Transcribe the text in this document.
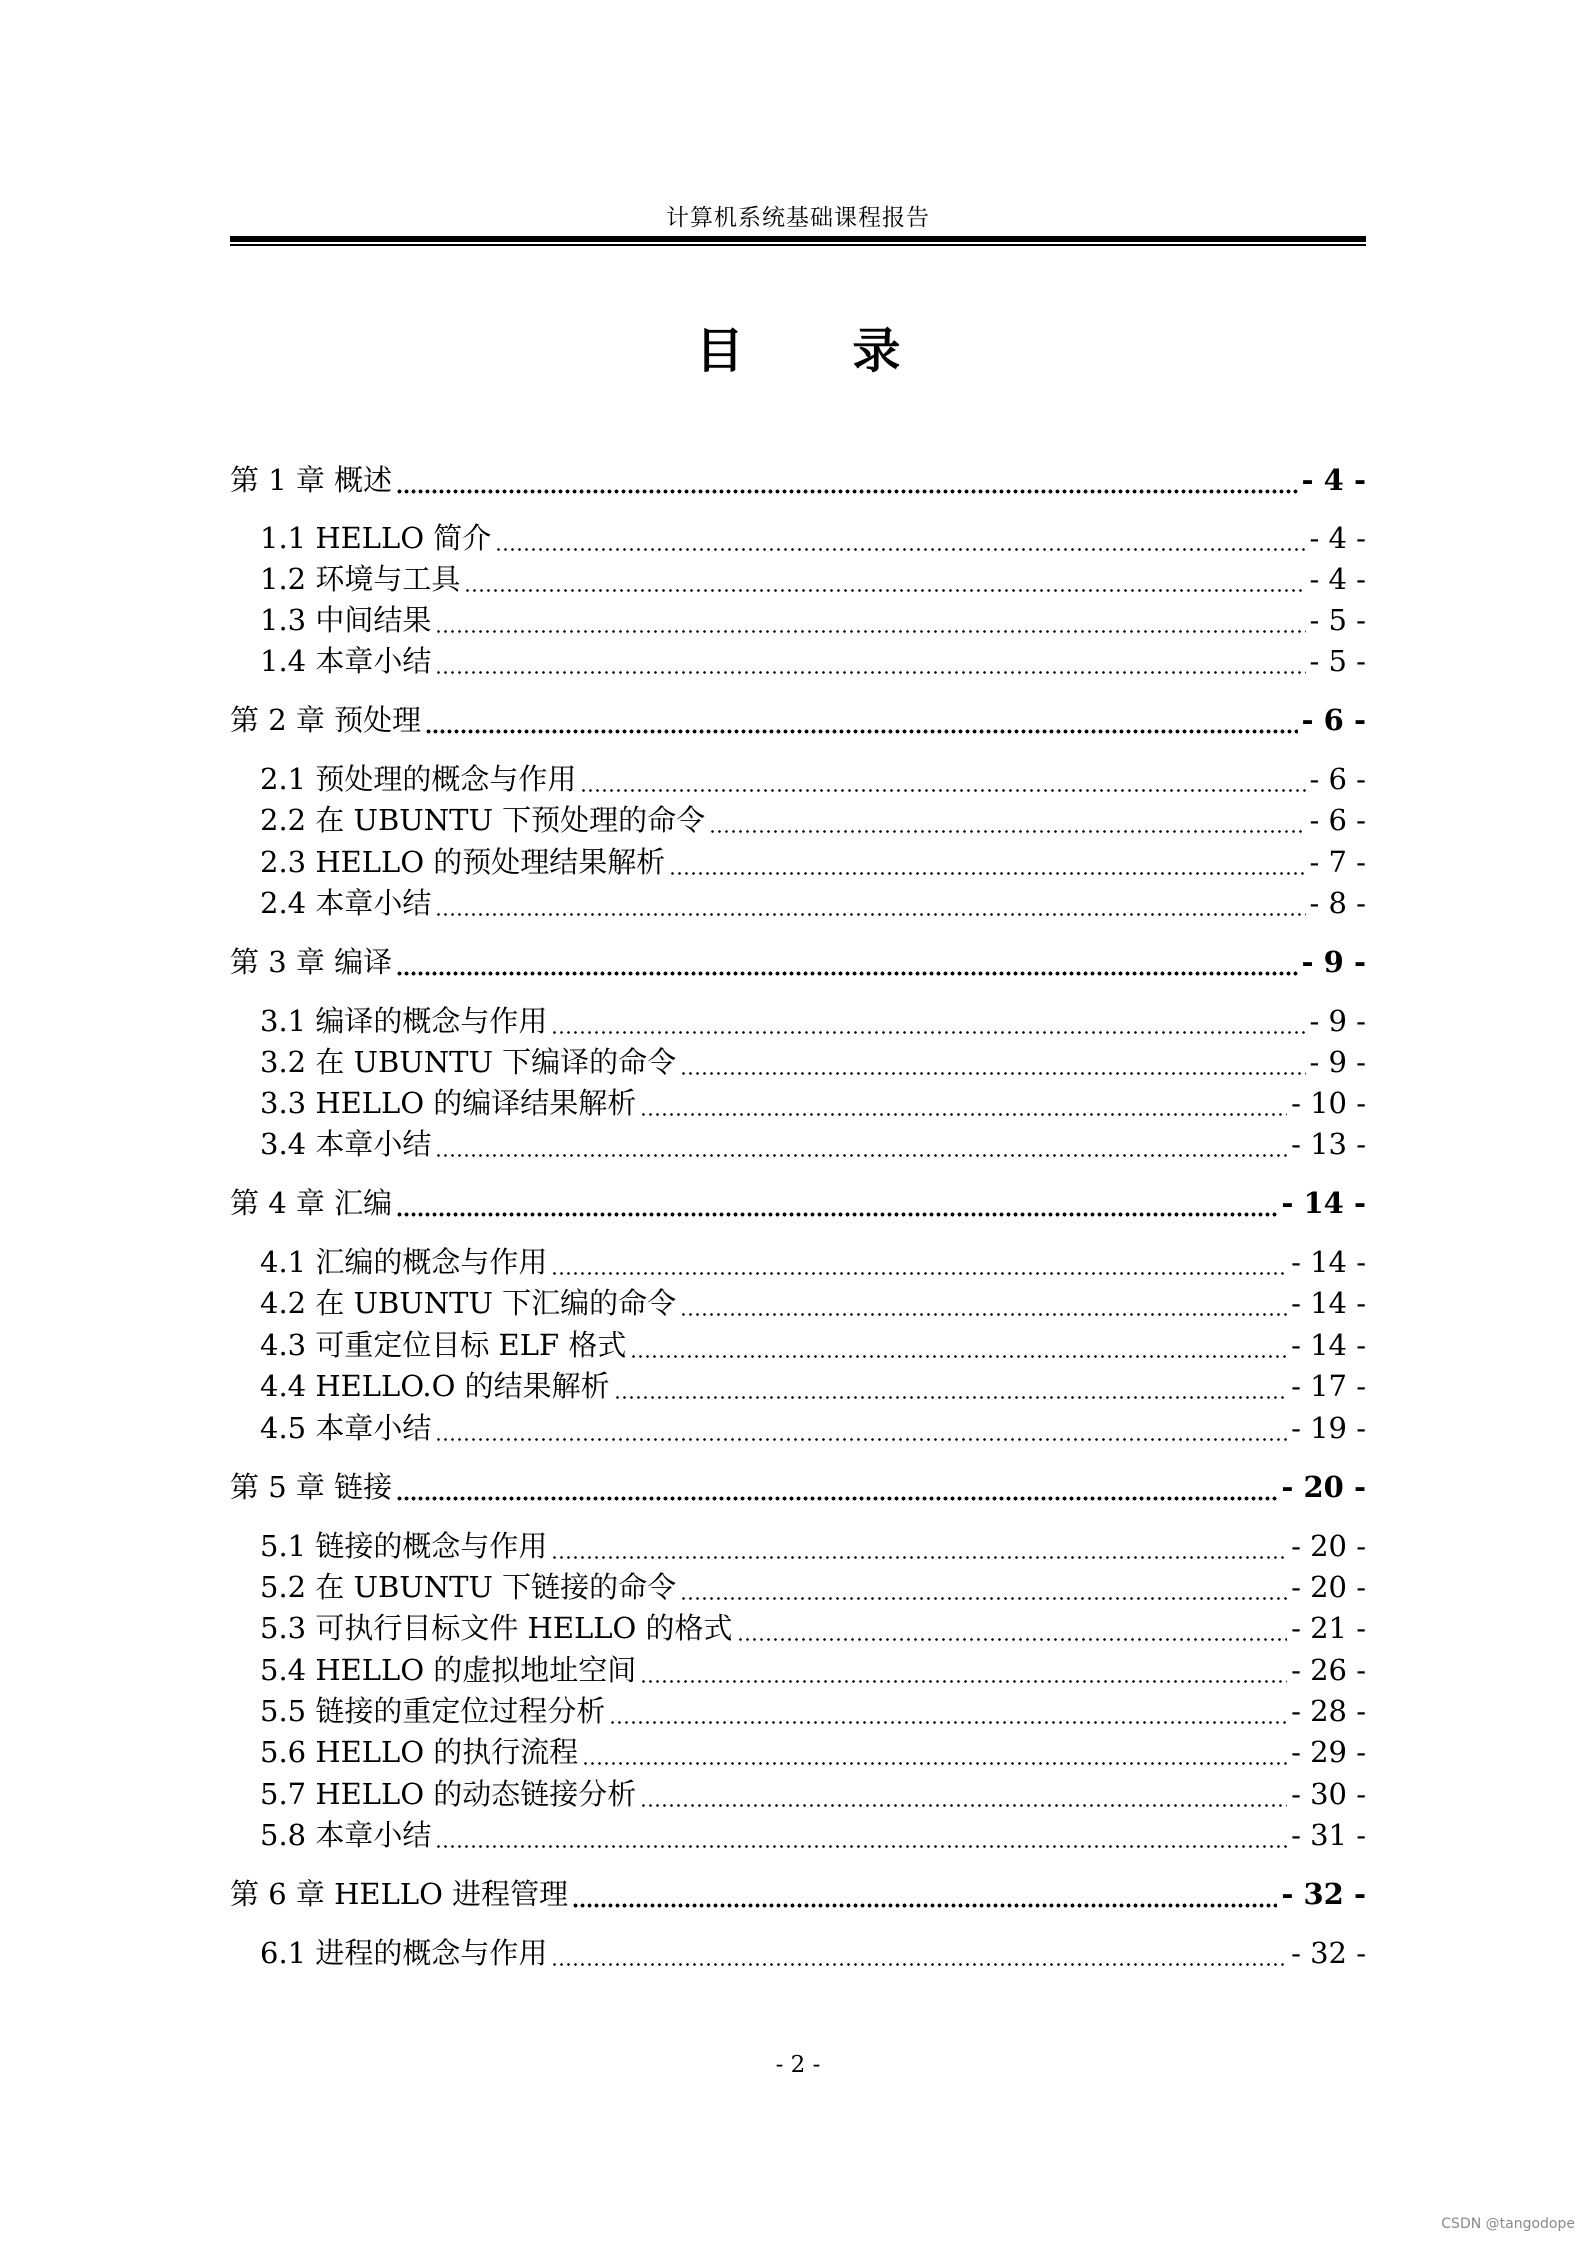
计算机系统基础课程报告
目 录
第 1 章 概述	- 4 -
1.1 HELLO 简介	- 4 -
1.2 环境与工具	- 4 -
1.3 中间结果	- 5 -
1.4 本章小结	- 5 -
第 2 章 预处理	- 6 -
2.1 预处理的概念与作用	- 6 -
2.2 在 UBUNTU 下预处理的命令	- 6 -
2.3 HELLO 的预处理结果解析	- 7 -
2.4 本章小结	- 8 -
第 3 章 编译	- 9 -
3.1 编译的概念与作用	- 9 -
3.2 在 UBUNTU 下编译的命令	- 9 -
3.3 HELLO 的编译结果解析	- 10 -
3.4 本章小结	- 13 -
第 4 章 汇编	- 14 -
4.1 汇编的概念与作用	- 14 -
4.2 在 UBUNTU 下汇编的命令	- 14 -
4.3 可重定位目标 ELF 格式	- 14 -
4.4 HELLO.O 的结果解析	- 17 -
4.5 本章小结	- 19 -
第 5 章 链接	- 20 -
5.1 链接的概念与作用	- 20 -
5.2 在 UBUNTU 下链接的命令	- 20 -
5.3 可执行目标文件 HELLO 的格式	- 21 -
5.4 HELLO 的虚拟地址空间	- 26 -
5.5 链接的重定位过程分析	- 28 -
5.6 HELLO 的执行流程	- 29 -
5.7 HELLO 的动态链接分析	- 30 -
5.8 本章小结	- 31 -
第 6 章 HELLO 进程管理	- 32 -
6.1 进程的概念与作用	- 32 -
- 2 -
CSDN @tangodope
